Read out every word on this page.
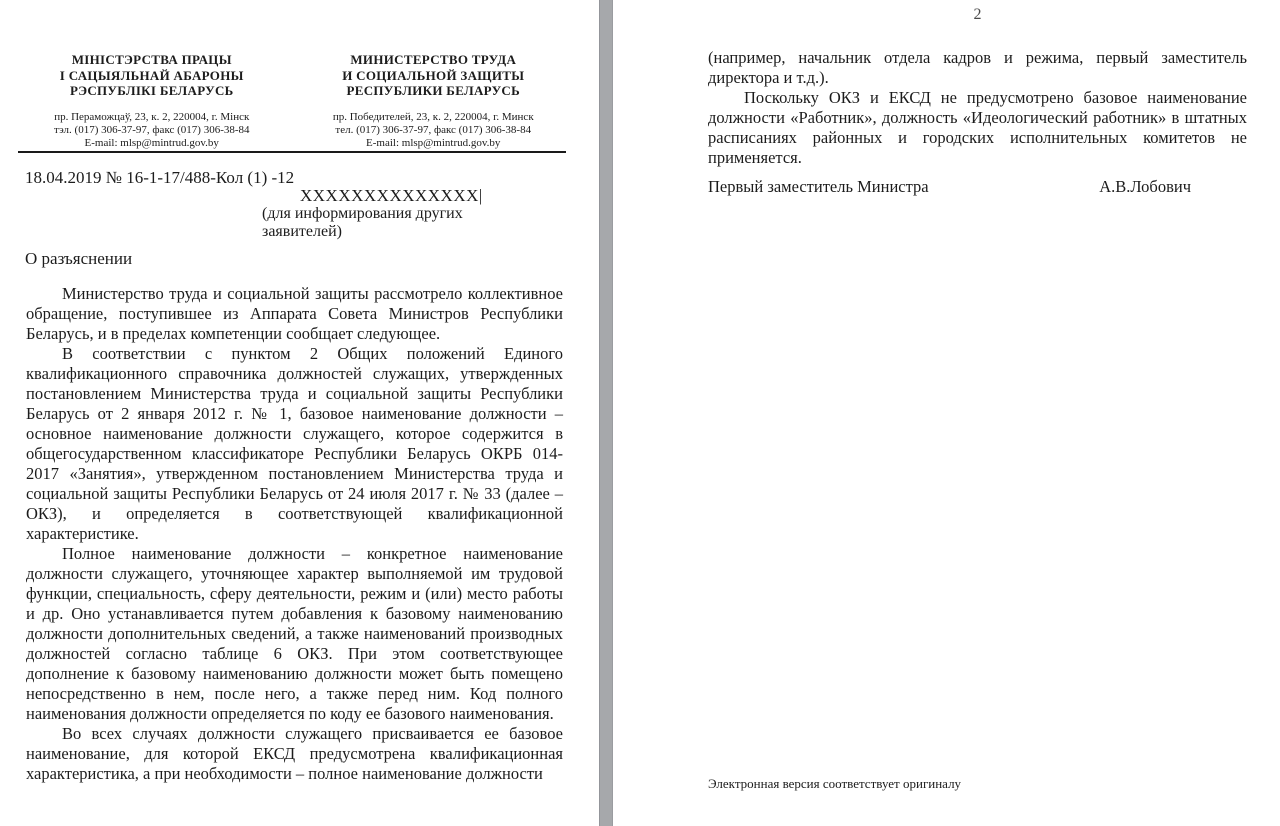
МІНІСТЭРСТВА ПРАЦЫ
І САЦЫЯЛЬНАЙ АБАРОНЫ
РЭСПУБЛІКІ БЕЛАРУСЬ
пр. Пераможцаў, 23, к. 2, 220004, г. Мінск
тэл. (017) 306-37-97, факс (017) 306-38-84
E-mail: mlsp@mintrud.gov.by
МИНИСТЕРСТВО ТРУДА
И СОЦИАЛЬНОЙ ЗАЩИТЫ
РЕСПУБЛИКИ БЕЛАРУСЬ
пр. Победителей, 23, к. 2, 220004, г. Минск
тел. (017) 306-37-97, факс (017) 306-38-84
E-mail: mlsp@mintrud.gov.by
18.04.2019 № 16-1-17/488-Кол (1) -12
XXXXXXXXXXXXXX|
(для информирования других
заявителей)
О разъяснении

Министерство труда и социальной защиты рассмотрело коллективное обращение, поступившее из Аппарата Совета Министров Республики Беларусь, и в пределах компетенции сообщает следующее.

В соответствии с пунктом 2 Общих положений Единого квалификационного справочника должностей служащих, утвержденных постановлением Министерства труда и социальной защиты Республики Беларусь от 2 января 2012 г. № 1, базовое наименование должности – основное наименование должности служащего, которое содержится в общегосударственном классификаторе Республики Беларусь ОКРБ 014-2017 «Занятия», утвержденном постановлением Министерства труда и социальной защиты Республики Беларусь от 24 июля 2017 г. № 33 (далее – ОКЗ), и определяется в соответствующей квалификационной характеристике.

Полное наименование должности – конкретное наименование должности служащего, уточняющее характер выполняемой им трудовой функции, специальность, сферу деятельности, режим и (или) место работы и др. Оно устанавливается путем добавления к базовому наименованию должности дополнительных сведений, а также наименований производных должностей согласно таблице 6 ОКЗ. При этом соответствующее дополнение к базовому наименованию должности может быть помещено непосредственно в нем, после него, а также перед ним. Код полного наименования должности определяется по коду ее базового наименования.

Во всех случаях должности служащего присваивается ее базовое наименование, для которой ЕКСД предусмотрена квалификационная характеристика, а при необходимости – полное наименование должности

2

(например, начальник отдела кадров и режима, первый заместитель директора и т.д.).

Поскольку ОКЗ и ЕКСД не предусмотрено базовое наименование должности «Работник», должность «Идеологический работник» в штатных расписаниях районных и городских исполнительных комитетов не применяется.

Первый заместитель Министра	А.В.Лобович
Электронная версия соответствует оригиналу
